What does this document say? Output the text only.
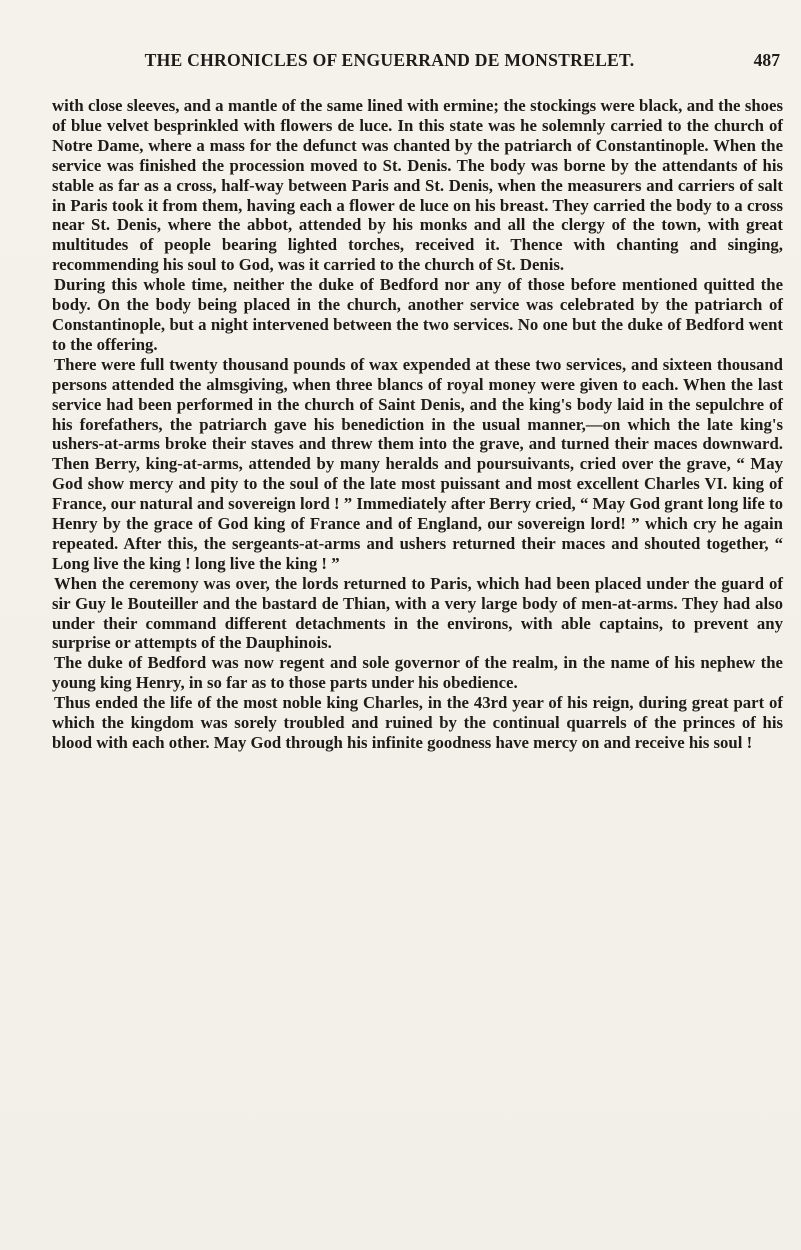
THE CHRONICLES OF ENGUERRAND DE MONSTRELET.	487

with close sleeves, and a mantle of the same lined with ermine; the stockings were black, and the shoes of blue velvet besprinkled with flowers de luce. In this state was he solemnly carried to the church of Notre Dame, where a mass for the defunct was chanted by the patriarch of Constantinople. When the service was finished the procession moved to St. Denis. The body was borne by the attendants of his stable as far as a cross, half-way between Paris and St. Denis, when the measurers and carriers of salt in Paris took it from them, having each a flower de luce on his breast. They carried the body to a cross near St. Denis, where the abbot, attended by his monks and all the clergy of the town, with great multitudes of people bearing lighted torches, received it. Thence with chanting and singing, recommending his soul to God, was it carried to the church of St. Denis.

During this whole time, neither the duke of Bedford nor any of those before mentioned quitted the body. On the body being placed in the church, another service was celebrated by the patriarch of Constantinople, but a night intervened between the two services. No one but the duke of Bedford went to the offering.

There were full twenty thousand pounds of wax expended at these two services, and sixteen thousand persons attended the almsgiving, when three blancs of royal money were given to each. When the last service had been performed in the church of Saint Denis, and the king's body laid in the sepulchre of his forefathers, the patriarch gave his benediction in the usual manner,—on which the late king's ushers-at-arms broke their staves and threw them into the grave, and turned their maces downward. Then Berry, king-at-arms, attended by many heralds and poursuivants, cried over the grave, “ May God show mercy and pity to the soul of the late most puissant and most excellent Charles VI. king of France, our natural and sovereign lord ! ” Immediately after Berry cried, “ May God grant long life to Henry by the grace of God king of France and of England, our sovereign lord! ” which cry he again repeated. After this, the sergeants-at-arms and ushers returned their maces and shouted together, “ Long live the king ! long live the king ! ”

When the ceremony was over, the lords returned to Paris, which had been placed under the guard of sir Guy le Bouteiller and the bastard de Thian, with a very large body of men-at-arms. They had also under their command different detachments in the environs, with able captains, to prevent any surprise or attempts of the Dauphinois.

The duke of Bedford was now regent and sole governor of the realm, in the name of his nephew the young king Henry, in so far as to those parts under his obedience.

Thus ended the life of the most noble king Charles, in the 43rd year of his reign, during great part of which the kingdom was sorely troubled and ruined by the continual quarrels of the princes of his blood with each other. May God through his infinite goodness have mercy on and receive his soul !
